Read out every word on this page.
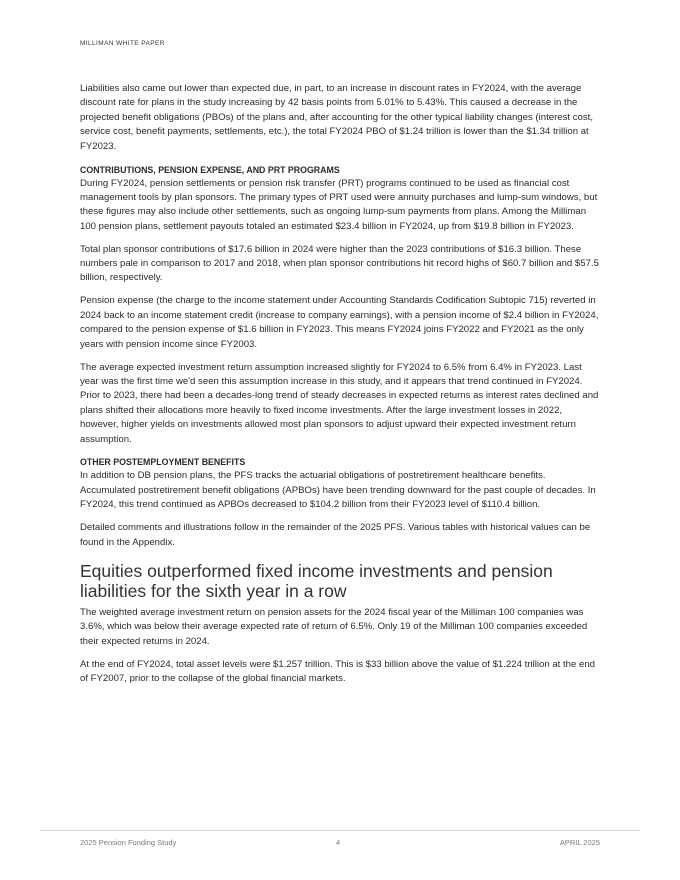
MILLIMAN WHITE PAPER

Liabilities also came out lower than expected due, in part, to an increase in discount rates in FY2024, with the average discount rate for plans in the study increasing by 42 basis points from 5.01% to 5.43%. This caused a decrease in the projected benefit obligations (PBOs) of the plans and, after accounting for the other typical liability changes (interest cost, service cost, benefit payments, settlements, etc.), the total FY2024 PBO of $1.24 trillion is lower than the $1.34 trillion at FY2023.

CONTRIBUTIONS, PENSION EXPENSE, AND PRT PROGRAMS

During FY2024, pension settlements or pension risk transfer (PRT) programs continued to be used as financial cost management tools by plan sponsors. The primary types of PRT used were annuity purchases and lump-sum windows, but these figures may also include other settlements, such as ongoing lump-sum payments from plans. Among the Milliman 100 pension plans, settlement payouts totaled an estimated $23.4 billion in FY2024, up from $19.8 billion in FY2023.

Total plan sponsor contributions of $17.6 billion in 2024 were higher than the 2023 contributions of $16.3 billion. These numbers pale in comparison to 2017 and 2018, when plan sponsor contributions hit record highs of $60.7 billion and $57.5 billion, respectively.

Pension expense (the charge to the income statement under Accounting Standards Codification Subtopic 715) reverted in 2024 back to an income statement credit (increase to company earnings), with a pension income of $2.4 billion in FY2024, compared to the pension expense of $1.6 billion in FY2023. This means FY2024 joins FY2022 and FY2021 as the only years with pension income since FY2003.

The average expected investment return assumption increased slightly for FY2024 to 6.5% from 6.4% in FY2023. Last year was the first time we'd seen this assumption increase in this study, and it appears that trend continued in FY2024. Prior to 2023, there had been a decades-long trend of steady decreases in expected returns as interest rates declined and plans shifted their allocations more heavily to fixed income investments. After the large investment losses in 2022, however, higher yields on investments allowed most plan sponsors to adjust upward their expected investment return assumption.

OTHER POSTEMPLOYMENT BENEFITS

In addition to DB pension plans, the PFS tracks the actuarial obligations of postretirement healthcare benefits. Accumulated postretirement benefit obligations (APBOs) have been trending downward for the past couple of decades. In FY2024, this trend continued as APBOs decreased to $104.2 billion from their FY2023 level of $110.4 billion.

Detailed comments and illustrations follow in the remainder of the 2025 PFS. Various tables with historical values can be found in the Appendix.

Equities outperformed fixed income investments and pension liabilities for the sixth year in a row

The weighted average investment return on pension assets for the 2024 fiscal year of the Milliman 100 companies was 3.6%, which was below their average expected rate of return of 6.5%. Only 19 of the Milliman 100 companies exceeded their expected returns in 2024.

At the end of FY2024, total asset levels were $1.257 trillion. This is $33 billion above the value of $1.224 trillion at the end of FY2007, prior to the collapse of the global financial markets.

2025 Pension Funding Study	4	APRIL 2025
